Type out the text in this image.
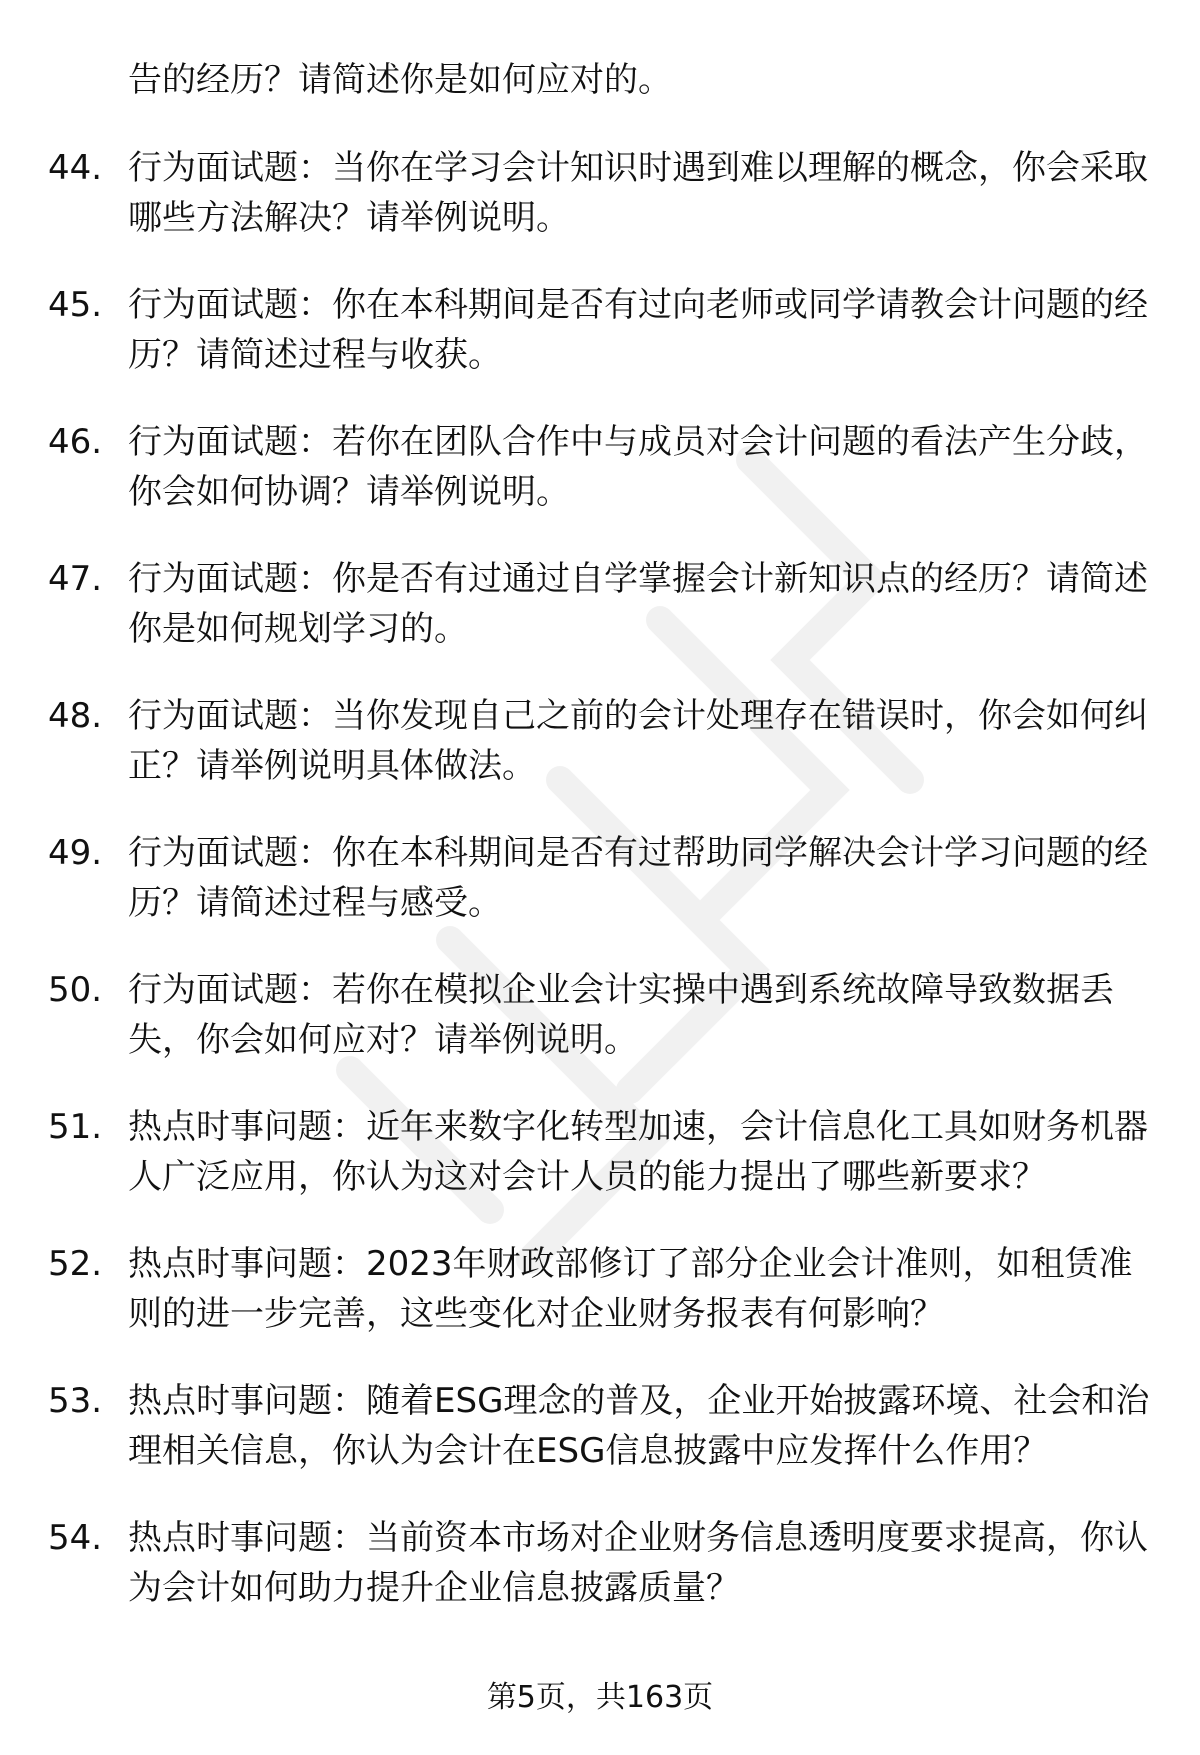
告的经历？请简述你是如何应对的。
44. 行为面试题：当你在学习会计知识时遇到难以理解的概念，你会采取哪些方法解决？请举例说明。
45. 行为面试题：你在本科期间是否有过向老师或同学请教会计问题的经历？请简述过程与收获。
46. 行为面试题：若你在团队合作中与成员对会计问题的看法产生分歧，你会如何协调？请举例说明。
47. 行为面试题：你是否有过通过自学掌握会计新知识点的经历？请简述你是如何规划学习的。
48. 行为面试题：当你发现自己之前的会计处理存在错误时，你会如何纠正？请举例说明具体做法。
49. 行为面试题：你在本科期间是否有过帮助同学解决会计学习问题的经历？请简述过程与感受。
50. 行为面试题：若你在模拟企业会计实操中遇到系统故障导致数据丢失，你会如何应对？请举例说明。
51. 热点时事问题：近年来数字化转型加速，会计信息化工具如财务机器人广泛应用，你认为这对会计人员的能力提出了哪些新要求？
52. 热点时事问题：2023年财政部修订了部分企业会计准则，如租赁准则的进一步完善，这些变化对企业财务报表有何影响？
53. 热点时事问题：随着ESG理念的普及，企业开始披露环境、社会和治理相关信息，你认为会计在ESG信息披露中应发挥什么作用？
54. 热点时事问题：当前资本市场对企业财务信息透明度要求提高，你认为会计如何助力提升企业信息披露质量？
第5页，共163页
